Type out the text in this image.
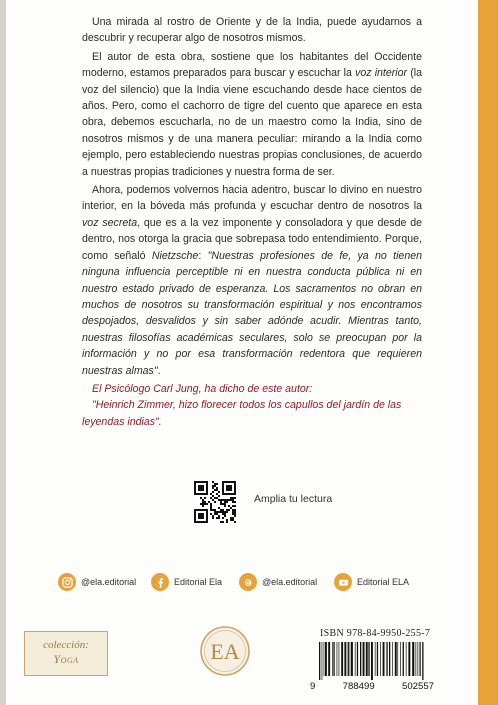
Una mirada al rostro de Oriente y de la India, puede ayudarnos a descubrir y recuperar algo de nosotros mismos.

El autor de esta obra, sostiene que los habitantes del Occidente moderno, estamos preparados para buscar y escuchar la voz interior (la voz del silencio) que la India viene escuchando desde hace cientos de años. Pero, como el cachorro de tigre del cuento que aparece en esta obra, debemos escucharla, no de un maestro como la India, sino de nosotros mismos y de una manera peculiar: mirando a la India como ejemplo, pero estableciendo nuestras propias conclusiones, de acuerdo a nuestras propias tradiciones y nuestra forma de ser.

Ahora, podemos volvernos hacia adentro, buscar lo divino en nuestro interior, en la bóveda más profunda y escuchar dentro de nosotros la voz secreta, que es a la vez imponente y consoladora y que desde de dentro, nos otorga la gracia que sobrepasa todo entendimiento. Porque, como señaló Nietzsche: "Nuestras profesiones de fe, ya no tienen ninguna influencia perceptible ni en nuestra conducta pública ni en nuestro estado privado de esperanza. Los sacramentos no obran en muchos de nosotros su transformación espiritual y nos encontramos despojados, desvalidos y sin saber adónde acudir. Mientras tanto, nuestras filosofías académicas seculares, solo se preocupan por la información y no por esa transformación redentora que requieren nuestras almas".

El Psicólogo Carl Jung, ha dicho de este autor:

"Heinrich Zimmer, hizo florecer todos los capullos del jardín de las leyendas indias".

Amplia tu lectura
@ela.editorial	Editorial Ela	@ela.editorial	Editorial ELA
colección:
Yoga	EA
ISBN 978-84-9950-255-7
9	788499	502557
